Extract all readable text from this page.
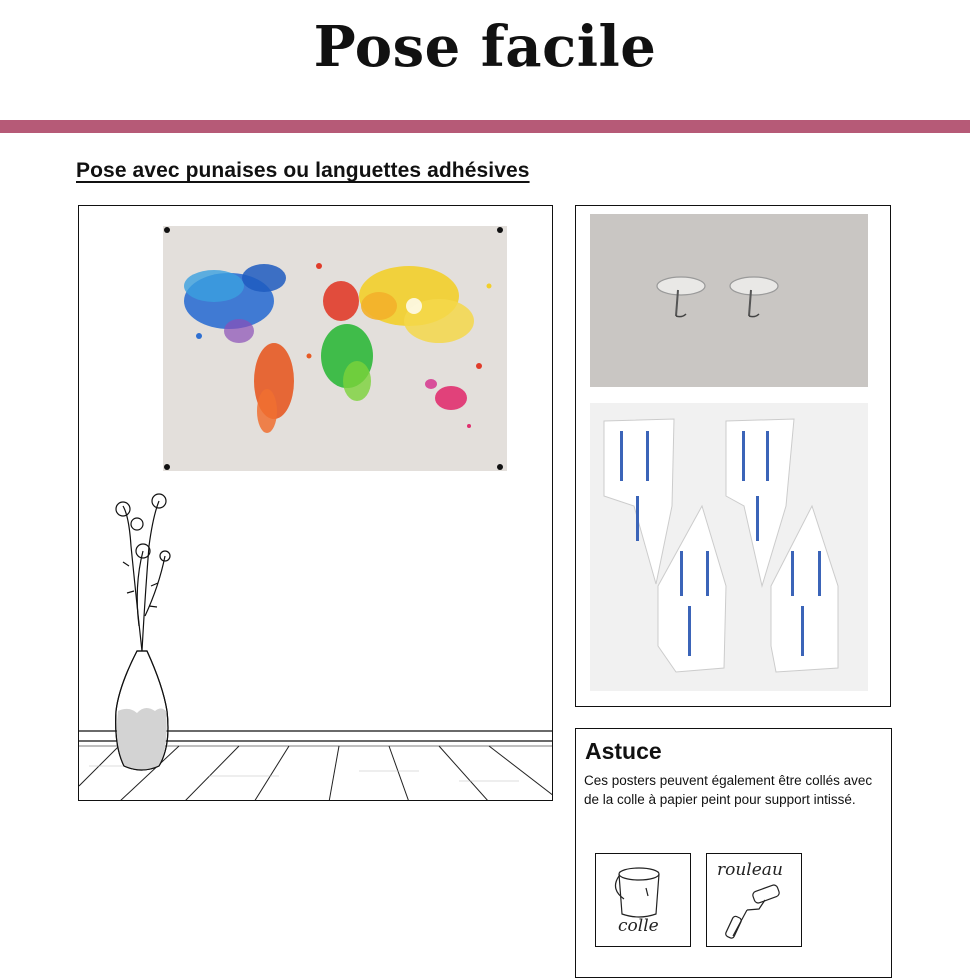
Pose facile
Pose avec punaises ou languettes adhésives
Astuce

Ces posters peuvent également être collés avec de la colle à papier peint pour support intissé.

colle
rouleau
